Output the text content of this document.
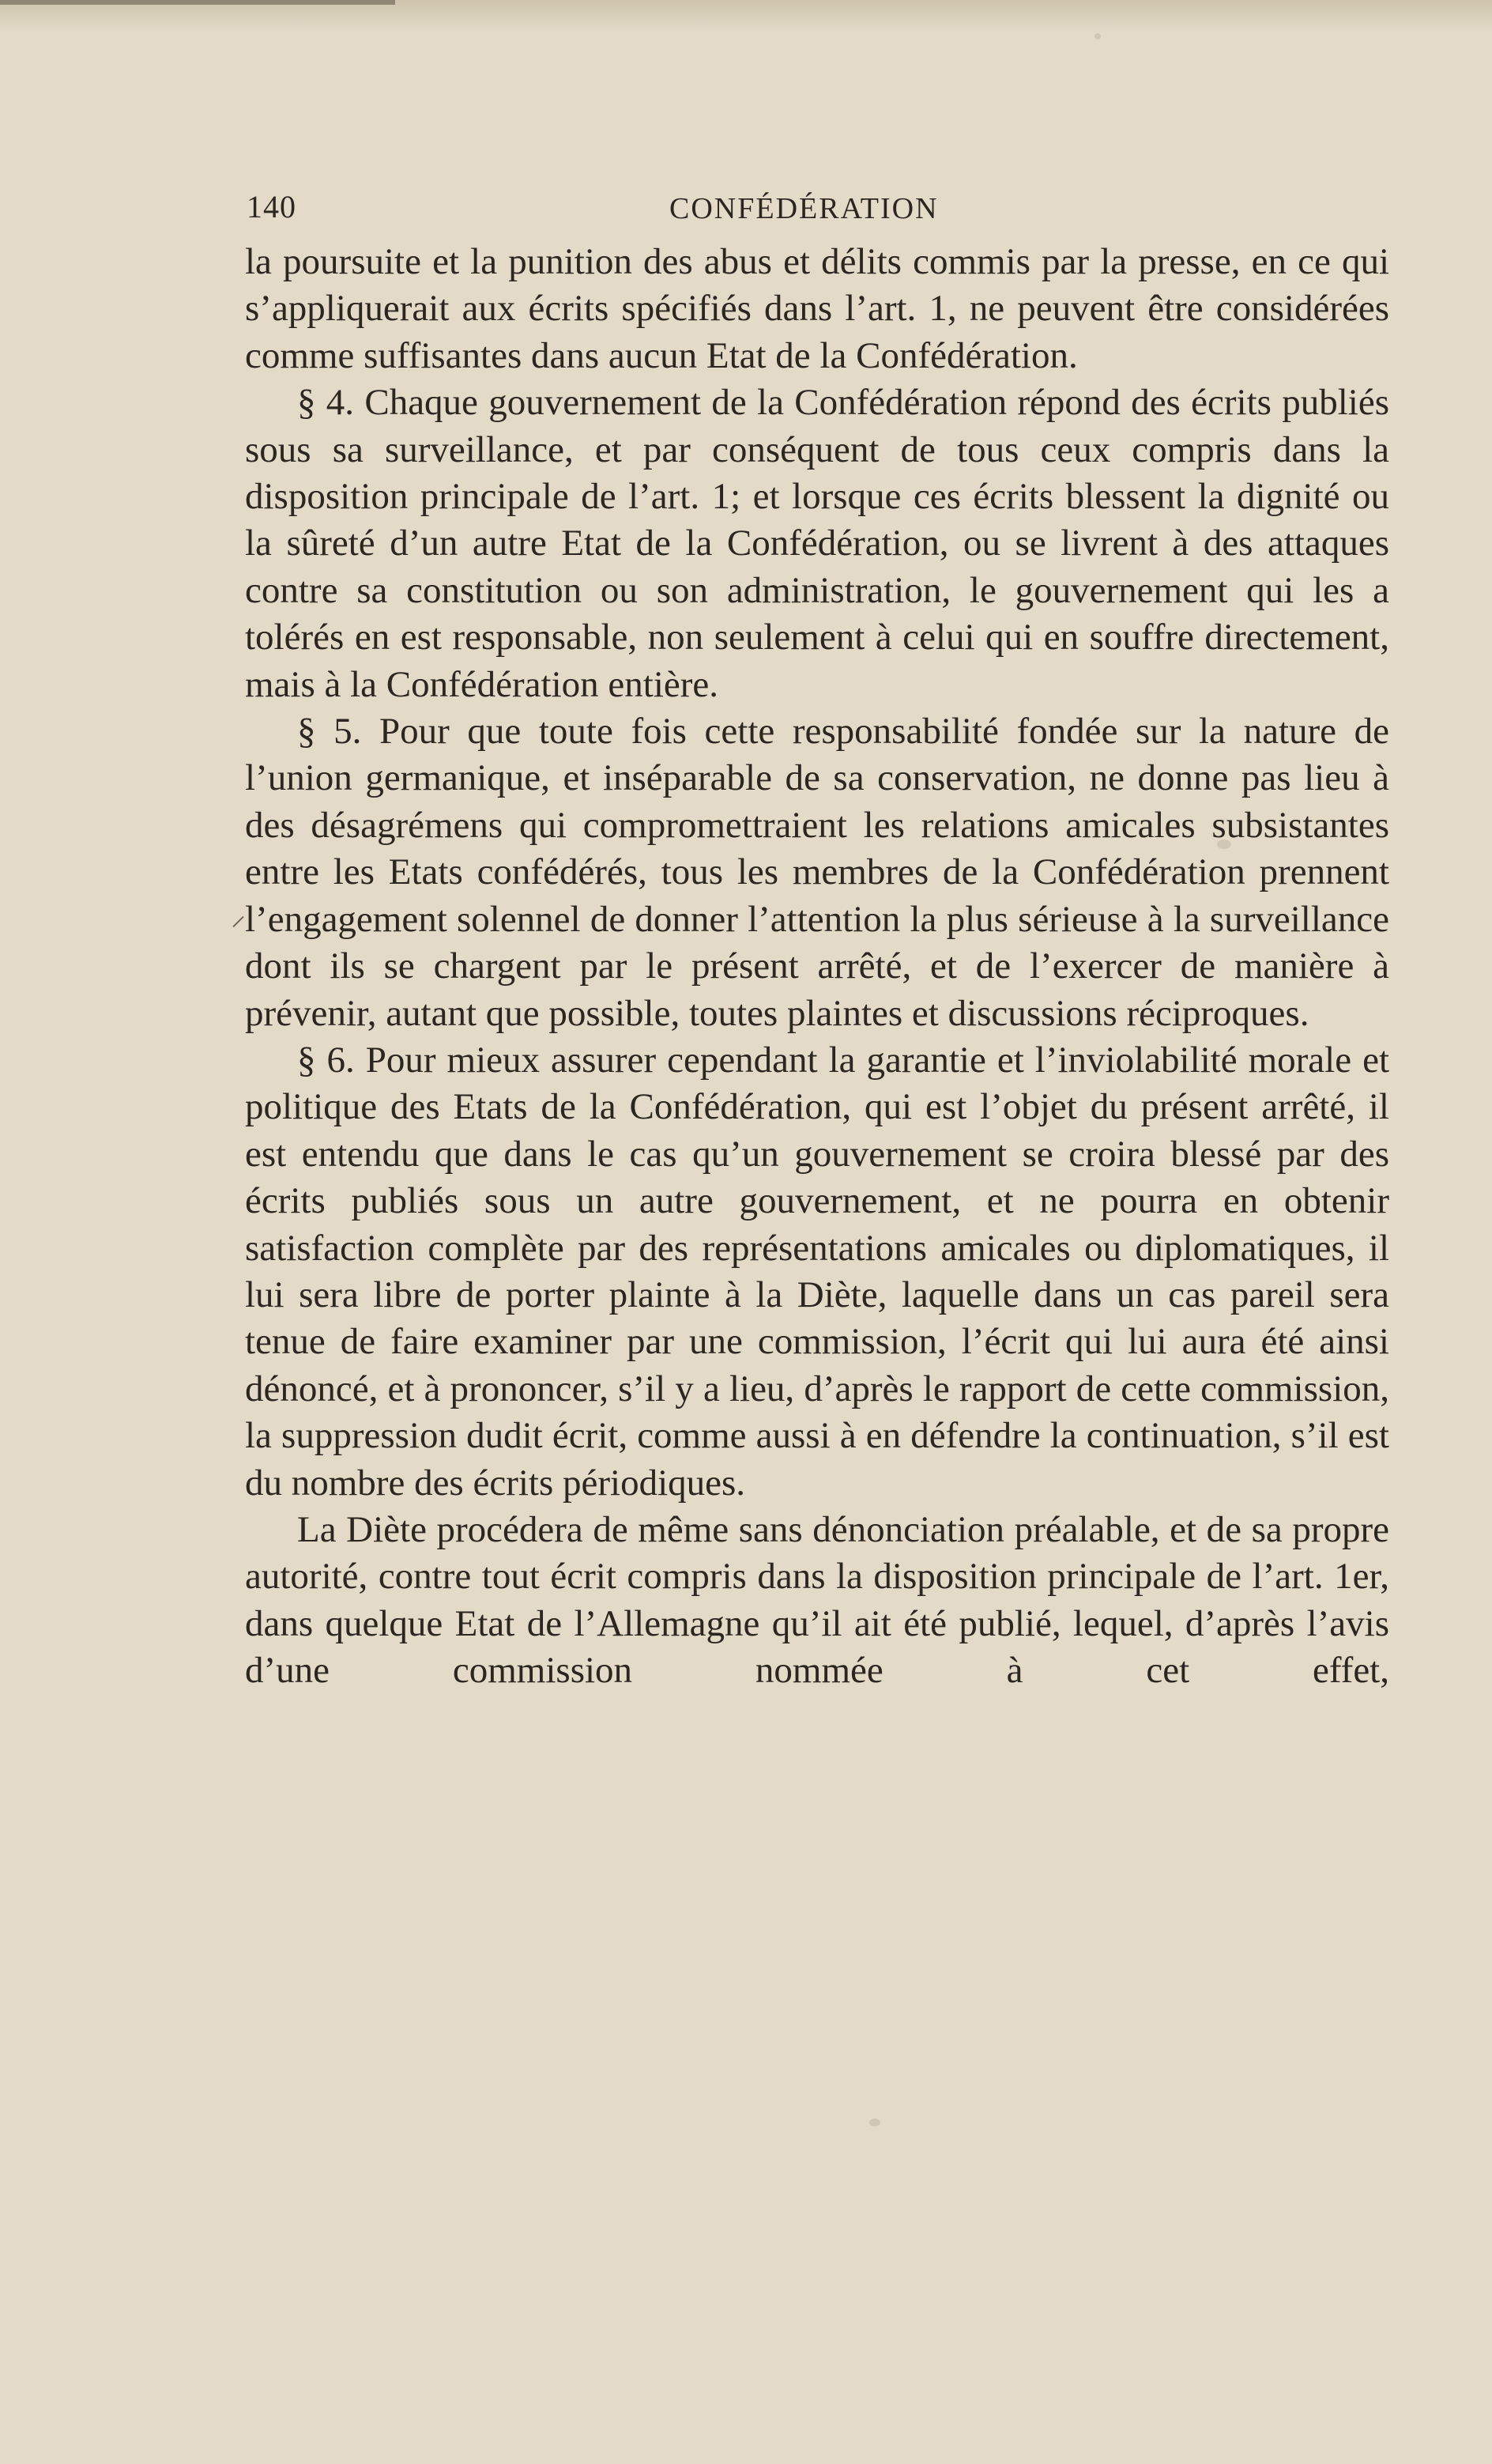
140	CONFÉDÉRATION
⸝

la poursuite et la punition des abus et délits commis par la presse, en ce qui s’appliquerait aux écrits spécifiés dans l’art. 1, ne peuvent être considérées comme suffisantes dans aucun Etat de la Confédération.

§ 4. Chaque gouvernement de la Confédération répond des écrits publiés sous sa surveillance, et par conséquent de tous ceux compris dans la disposition principale de l’art. 1; et lorsque ces écrits blessent la dignité ou la sûreté d’un autre Etat de la Confédération, ou se livrent à des attaques contre sa constitution ou son administration, le gouvernement qui les a tolérés en est responsable, non seulement à celui qui en souffre directement, mais à la Confédération entière.

§ 5. Pour que toute fois cette responsabilité fondée sur la nature de l’union germanique, et inséparable de sa conservation, ne donne pas lieu à des désagrémens qui compromettraient les relations amicales subsistantes entre les Etats confédérés, tous les membres de la Confédération prennent l’engagement solennel de donner l’attention la plus sérieuse à la surveillance dont ils se chargent par le présent arrêté, et de l’exercer de manière à prévenir, autant que possible, toutes plaintes et discussions réciproques.

§ 6. Pour mieux assurer cependant la garantie et l’inviolabilité morale et politique des Etats de la Confédération, qui est l’objet du présent arrêté, il est entendu que dans le cas qu’un gouvernement se croira blessé par des écrits publiés sous un autre gouvernement, et ne pourra en obtenir satisfaction complète par des représentations amicales ou diplomatiques, il lui sera libre de porter plainte à la Diète, laquelle dans un cas pareil sera tenue de faire examiner par une commission, l’écrit qui lui aura été ainsi dénoncé, et à prononcer, s’il y a lieu, d’après le rapport de cette commission, la suppression dudit écrit, comme aussi à en défendre la continuation, s’il est du nombre des écrits périodiques.

La Diète procédera de même sans dénonciation préalable, et de sa propre autorité, contre tout écrit compris dans la disposition principale de l’art. 1er, dans quelque Etat de l’Allemagne qu’il ait été publié, lequel, d’après l’avis d’une commission nommée à cet effet,
